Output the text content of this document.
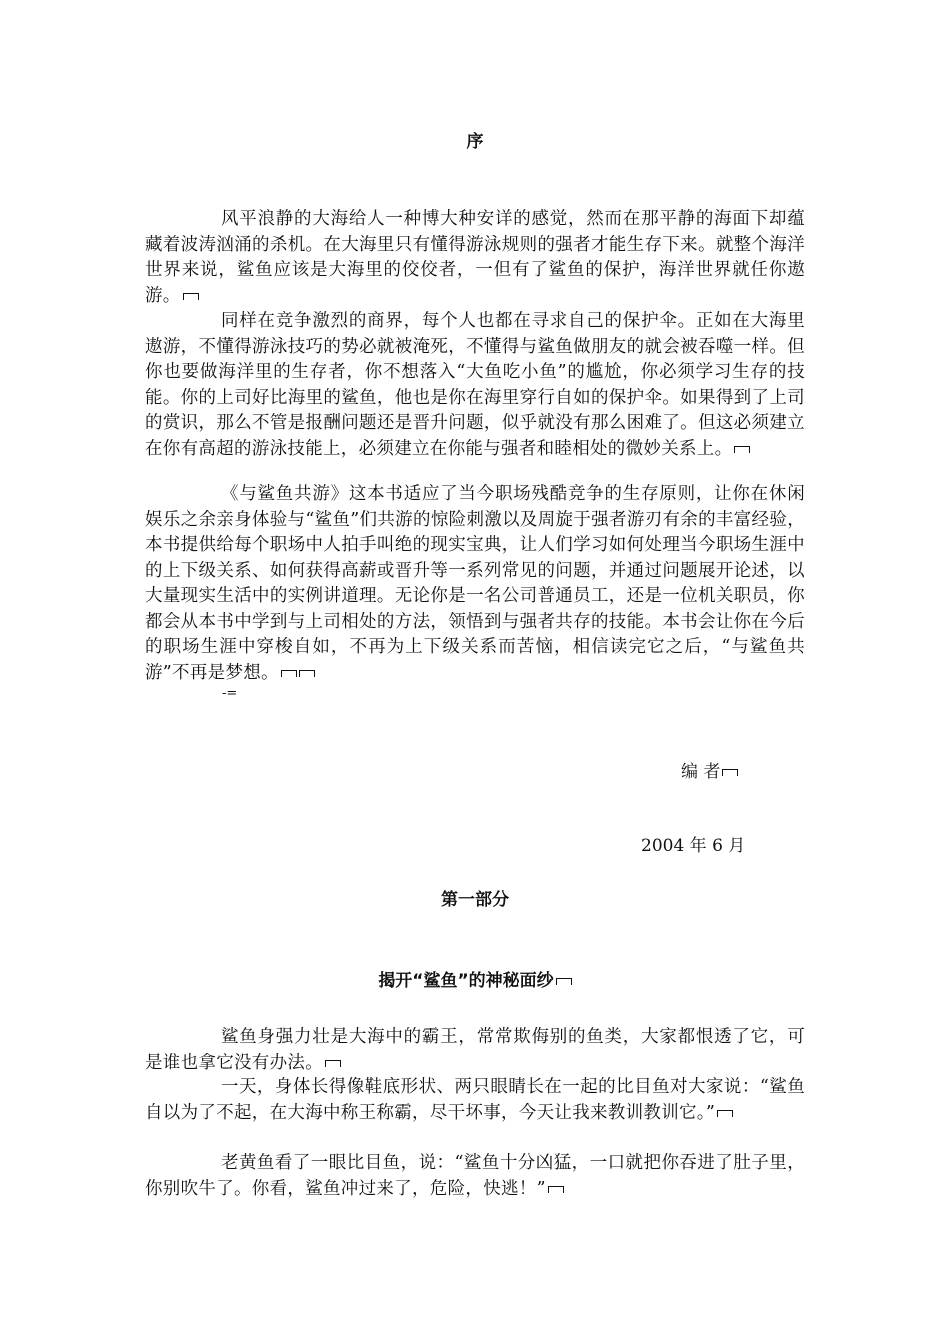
序

风平浪静的大海给人一种博大种安详的感觉，然而在那平静的海面下却蕴藏着波涛汹涌的杀机。在大海里只有懂得游泳规则的强者才能生存下来。就整个海洋世界来说，鲨鱼应该是大海里的佼佼者，一但有了鲨鱼的保护，海洋世界就任你遨游。

同样在竞争激烈的商界，每个人也都在寻求自己的保护伞。正如在大海里遨游，不懂得游泳技巧的势必就被淹死，不懂得与鲨鱼做朋友的就会被吞噬一样。但你也要做海洋里的生存者，你不想落入“大鱼吃小鱼”的尴尬，你必须学习生存的技能。你的上司好比海里的鲨鱼，他也是你在海里穿行自如的保护伞。如果得到了上司的赏识，那么不管是报酬问题还是晋升问题，似乎就没有那么困难了。但这必须建立在你有高超的游泳技能上，必须建立在你能与强者和睦相处的微妙关系上。

《与鲨鱼共游》这本书适应了当今职场残酷竞争的生存原则，让你在休闲娱乐之余亲身体验与“鲨鱼”们共游的惊险刺激以及周旋于强者游刃有余的丰富经验，本书提供给每个职场中人拍手叫绝的现实宝典，让人们学习如何处理当今职场生涯中的上下级关系、如何获得高薪或晋升等一系列常见的问题，并通过问题展开论述，以大量现实生活中的实例讲道理。无论你是一名公司普通员工，还是一位机关职员，你都会从本书中学到与上司相处的方法，领悟到与强者共存的技能。本书会让你在今后的职场生涯中穿梭自如，不再为上下级关系而苦恼，相信读完它之后，“与鲨鱼共游”不再是梦想。

-=
编 者
2004 年 6 月
第一部分
揭开“鲨鱼”的神秘面纱

鲨鱼身强力壮是大海中的霸王，常常欺侮别的鱼类，大家都恨透了它，可是谁也拿它没有办法。

一天，身体长得像鞋底形状、两只眼睛长在一起的比目鱼对大家说：“鲨鱼自以为了不起，在大海中称王称霸，尽干坏事，今天让我来教训教训它。”

老黄鱼看了一眼比目鱼，说：“鲨鱼十分凶猛，一口就把你吞进了肚子里，你别吹牛了。你看，鲨鱼冲过来了，危险，快逃！”
